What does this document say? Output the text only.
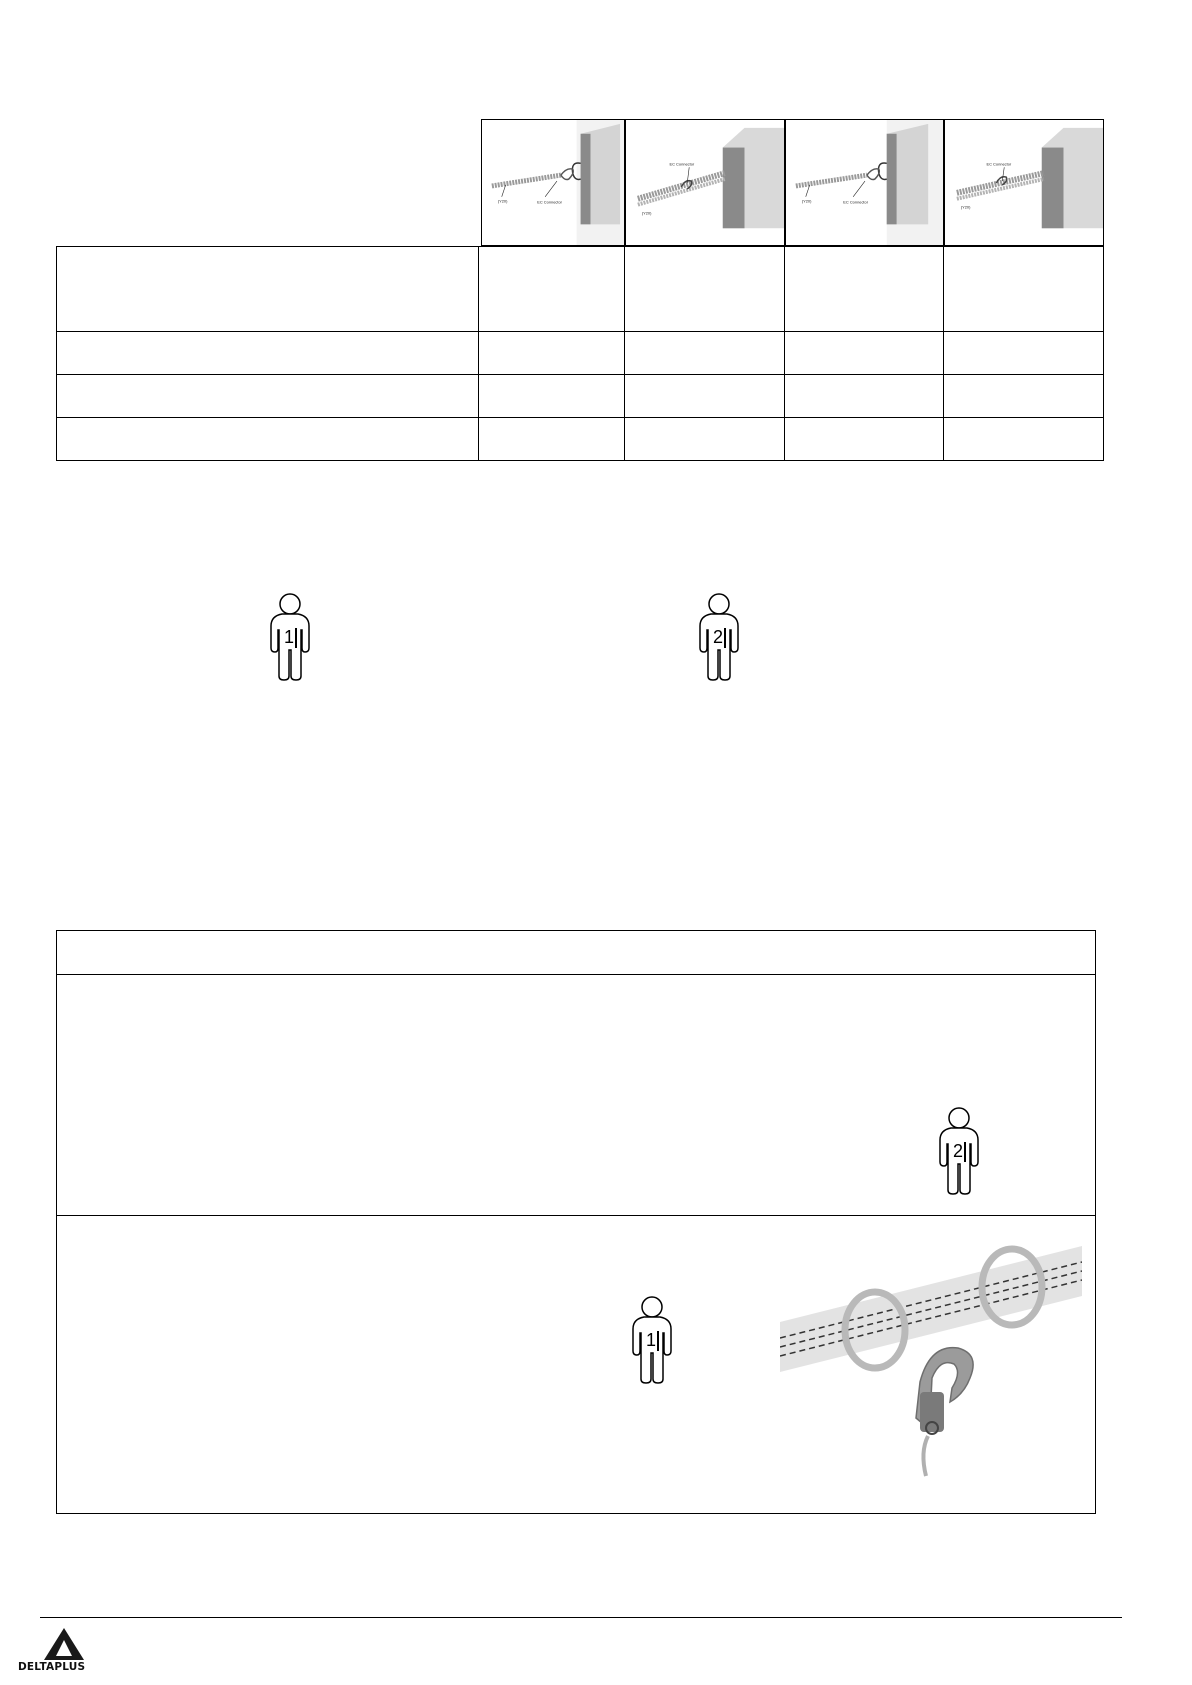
(Y20)	EC Connector
EC Connector
(Y20)
(Y20)	EC Connector
EC Connector
(Y20)

1	2
2
1
DELTAPLUS
